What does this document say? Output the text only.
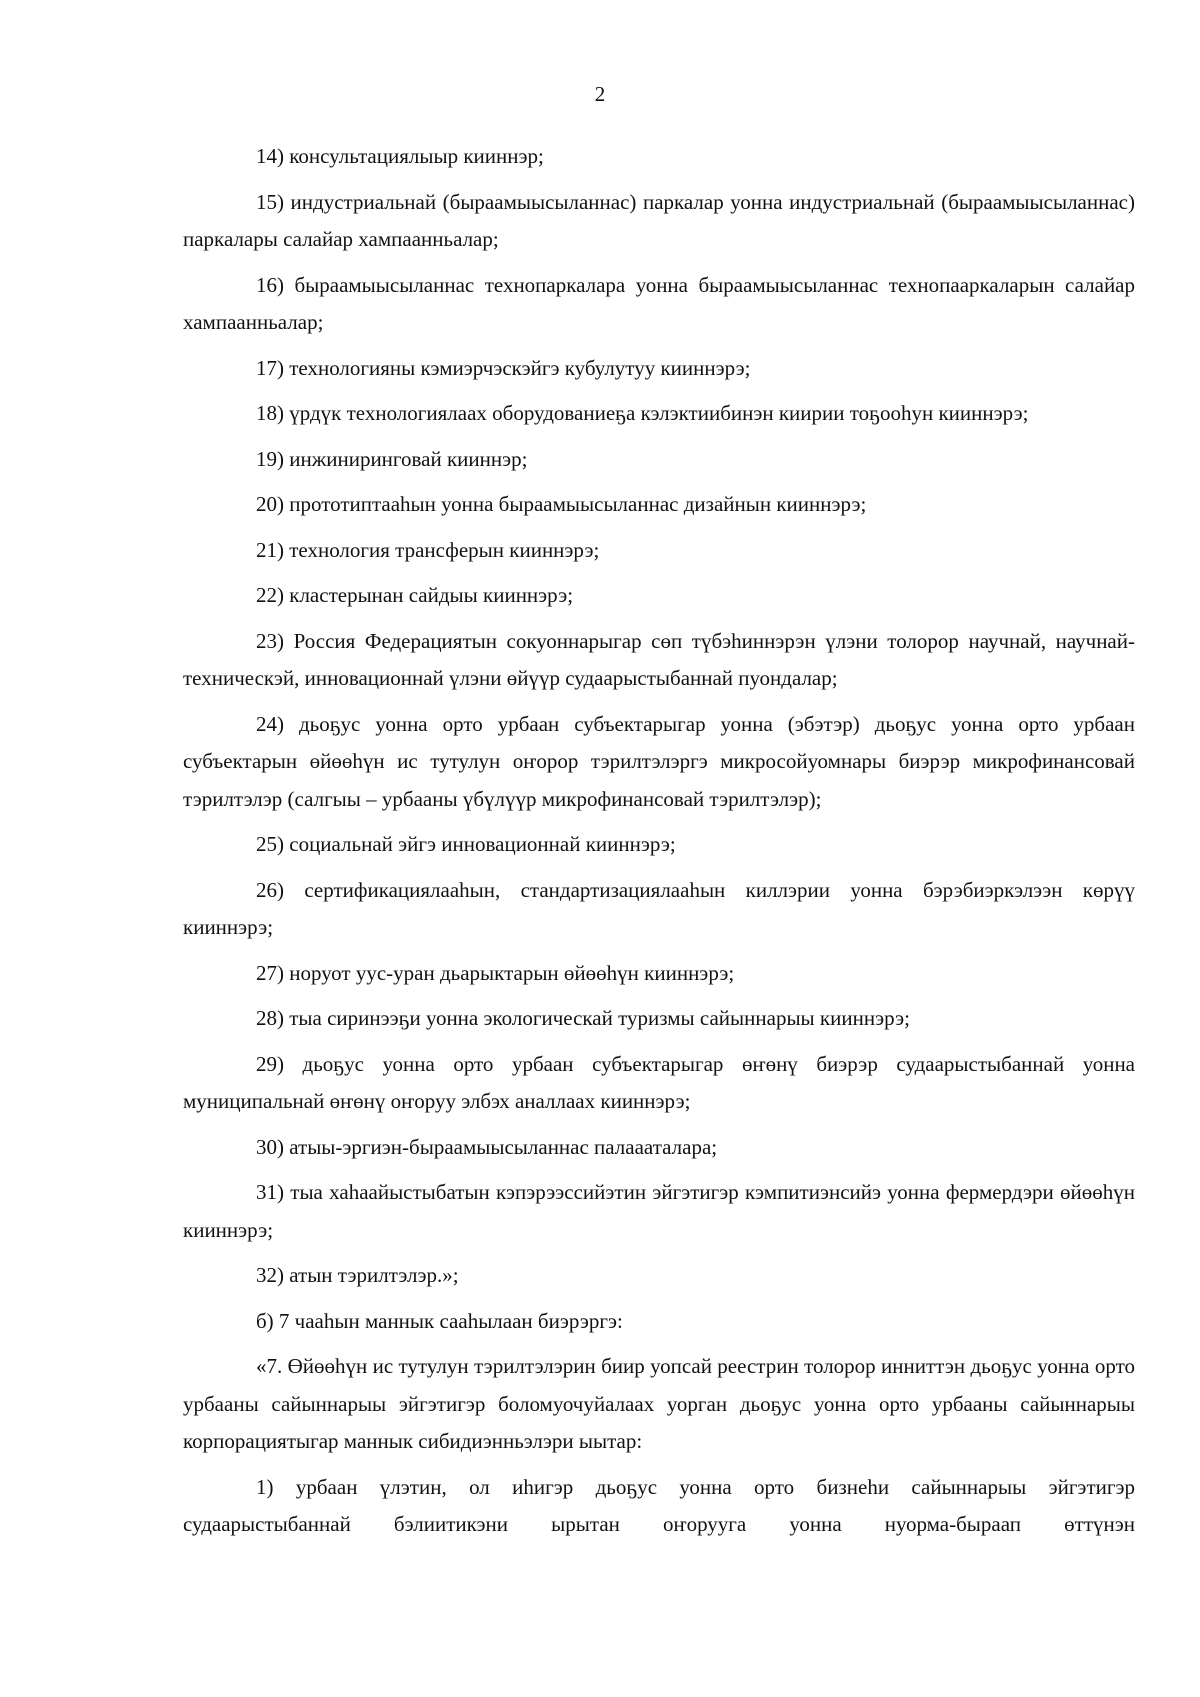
2

14) консультациялыыр кииннэр;

15) индустриальнай (быраамыысыланнас) паркалар уонна индустриальнай (быраамыысыланнас) паркалары салайар хампаанньалар;

16) быраамыысыланнас технопаркалара уонна быраамыысыланнас технопааркаларын салайар хампаанньалар;

17) технологияны кэмиэрчэскэйгэ кубулутуу кииннэрэ;

18) үрдүк технологиялаах оборудованиеҕа кэлэктиибинэн киирии тоҕооһун кииннэрэ;

19) инжиниринговай кииннэр;

20) прототиптааһын уонна быраамыысыланнас дизайнын кииннэрэ;

21) технология трансферын кииннэрэ;

22) кластерынан сайдыы кииннэрэ;

23) Россия Федерациятын сокуоннарыгар сөп түбэһиннэрэн үлэни толорор научнай, научнай-техническэй, инновационнай үлэни өйүүр судаарыстыбаннай пуондалар;

24) дьоҕус уонна орто урбаан субъектарыгар уонна (эбэтэр) дьоҕус уонна орто урбаан субъектарын өйөөһүн ис тутулун оҥорор тэрилтэлэргэ микросойуомнары биэрэр микрофинансовай тэрилтэлэр (салгыы – урбааны үбүлүүр микрофинансовай тэрилтэлэр);

25) социальнай эйгэ инновационнай кииннэрэ;

26) сертификациялааһын, стандартизациялааһын киллэрии уонна бэрэбиэркэлээн көрүү кииннэрэ;

27) норуот уус-уран дьарыктарын өйөөһүн кииннэрэ;

28) тыа сиринээҕи уонна экологическай туризмы сайыннарыы кииннэрэ;

29) дьоҕус уонна орто урбаан субъектарыгар өҥөнү биэрэр судаарыстыбаннай уонна муниципальнай өҥөнү оҥоруу элбэх аналлаах кииннэрэ;

30) атыы-эргиэн-быраамыысыланнас палаааталара;

31) тыа хаһаайыстыбатын кэпэрээссийэтин эйгэтигэр кэмпитиэнсийэ уонна фермердэри өйөөһүн кииннэрэ;

32) атын тэрилтэлэр.»;

б) 7 чааһын маннык сааһылаан биэрэргэ:

«7. Өйөөһүн ис тутулун тэрилтэлэрин биир уопсай реестрин толорор инниттэн дьоҕус уонна орто урбааны сайыннарыы эйгэтигэр боломуочуйалаах уорган дьоҕус уонна орто урбааны сайыннарыы корпорациятыгар маннык сибидиэнньэлэри ыытар:

1) урбаан үлэтин, ол иһигэр дьоҕус уонна орто бизнеһи сайыннарыы эйгэтигэр судаарыстыбаннай бэлиитикэни ырытан оҥорууга уонна нуорма-быраап өттүнэн
